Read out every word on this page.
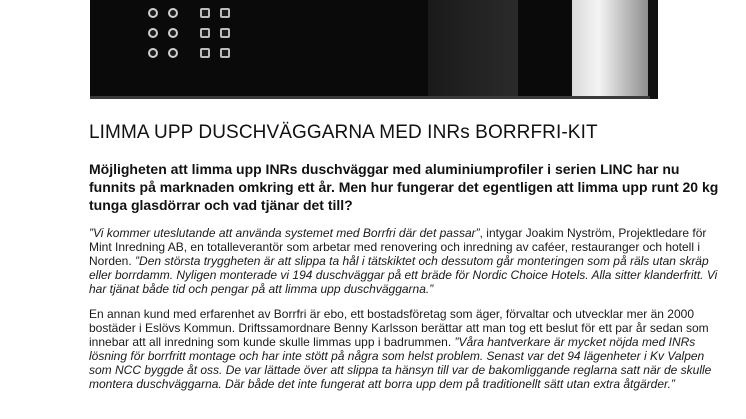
LIMMA UPP DUSCHVÄGGARNA MED INRs BORRFRI-KIT

Möjligheten att limma upp INRs duschväggar med aluminiumprofiler i serien LINC har nu funnits på marknaden omkring ett år. Men hur fungerar det egentligen att limma upp runt 20 kg tunga glasdörrar och vad tjänar det till?

”Vi kommer uteslutande att använda systemet med Borrfri där det passar”, intygar Joakim Nyström, Projektledare för Mint Inredning AB, en totalleverantör som arbetar med renovering och inredning av caféer, restauranger och hotell i Norden. ”Den största tryggheten är att slippa ta hål i tätskiktet och dessutom går monteringen som på räls utan skräp eller borrdamm. Nyligen monterade vi 194 duschväggar på ett bräde för Nordic Choice Hotels. Alla sitter klanderfritt. Vi har tjänat både tid och pengar på att limma upp duschväggarna.”

En annan kund med erfarenhet av Borrfri är ebo, ett bostadsföretag som äger, förvaltar och utvecklar mer än 2000 bostäder i Eslövs Kommun. Driftssamordnare Benny Karlsson berättar att man tog ett beslut för ett par år sedan som innebar att all inredning som kunde skulle limmas upp i badrummen. ”Våra hantverkare är mycket nöjda med INRs lösning för borrfritt montage och har inte stött på några som helst problem. Senast var det 94 lägenheter i Kv Valpen som NCC byggde åt oss. De var lättade över att slippa ta hänsyn till var de bakomliggande reglarna satt när de skulle montera duschväggarna. Där både det inte fungerat att borra upp dem på traditionellt sätt utan extra åtgärder.”
